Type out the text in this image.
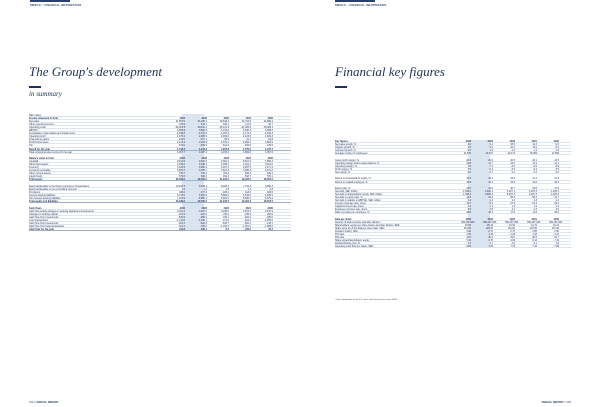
SWECO // FINANCIAL INFORMATION
The Group's development
in summary
SEK million
Income statement in brief	2024	2023	2022	2021	2020
Net sales	31,867.5	31,245.2	28,634.4	24,794.8	21,689.4
Other operating income	125.9	143.2	106.1	117.8	96.7
Operating costs	-28,003.5	-28,011.3	-25,101.9	-21,682.5	-18,683.2
EBITDA	3,989.9	3,666.6	3,734.0	3,330.1	3,056.6
Amortisation, depreciation and impairments	-1,498.8	-1,372.8	-1,261.5	-1,173.4	-1,109.3
Operating profit	2,475.4	2,285.9	2,469.6	2,123.8	1,929.3
Financial net gains	-234.0	-271.1	-90.5	-41.4	-64.8
Profit before taxes	2,241.4	2,014.8	2,379.1	2,082.4	1,864.5
Tax	-523.0	-539.9	-541.3	-506.8	-436.8
Result for the year	1,718.4	1,474.9	1,837.8	1,575.6	1,427.7
Total comprehensive income for the year	1,967.7	1,487.1	2,233.4	1,884.8	1,067.6
Balance sheet in brief	2024	2023	2022	2021	2020
Goodwill	9,813.9	9,464.6	9,391.1	8,521.9	7,856.3
Other fixed assets	4,459.2	4,238.1	4,495.2	4,041.3	3,921.0
Inventory	3,540.9	3,290.9	3,187.1	2,667.5	2,271.4
Accounts receivable	3,864.7	3,785.7	3,627.4	3,050.4	2,671.6
Other current assets	780.7	722.5	781.4	694.4	629.1
Liquid funds	879.6	648.2	462.3	518.7	705.1
Total assets	23,339.0	22,150.0	21,944.5	19,494.2	18,054.5
Equity attributable to the Parent company's shareholders	10,406.9	9,418.1	8,926.4	7,754.4	6,850.3
Equity attributable to non-controlling interests	1.2	1.4	1.5	1.1	0.8
Provisions	468.0	477.8	425.2	413.6	393.5
Interest-bearing liabilities	5,278.0	5,302.6	5,669.4	4,816.0	4,930.5
Non-interest-bearing liabilities	7,184.9	6,950.1	6,922.0	6,508.1	5,879.4
Total equity and liabilities	23,339.0	22,150.0	21,944.5	19,494.2	18,054.5
Cash flows	2024	2023	2022	2021	2020
Cash flow before changes in working capital and investments	3,351.3	3,037.6	3,345.0	2,873.3	2,547.9
Changes in working capital	-201.3	-224.8	-706.2	-235.4	296.6
Cash flow from investments	-530.9	-280.0	-706.1	-664.4	-365.0
Loan transactions	-1,014.8	-1,195.1	-271.0	-624.4	-1,255.0
Cash flow from investments	-861.1	-814.3	-815.7	-592.4	-148.1
Cash flow from financial activities	-904.1	-765.8	-1,012.3	-1,001.6	-1,086.6
Cash flow for the year	231.6	184.1	-5.0	-155.6	26.4
SWECO // FINANCIAL INFORMATION
Financial key figures
Key figures	2024	2023	2022	2021	2020
Net sales growth, %	2.0	9.1	15.5	14.3	-0.6
Organic growth, %	3.9	5.6	10.3	11.0	-0.9
Acquired growth, %	0.6	1.6	1.6	1.3	1.8
Average number of employees	21,676	21,647	20,173	18,069	17,809
Gross profit margin, %	20.3	20.0	20.5	20.1	21.5
Operating margin before depreciations, %	12.5	11.7	13.0	13.4	14.1
Operating margin, %	7.8	7.3	8.6	8.6	8.9
Profit margin, %	7.0	6.4	8.3	8.4	8.6
Net margin, %	5.4	4.7	6.4	6.4	6.6
Return on shareholders' equity, %	16.9	16.1	22.0	21.2	21.6
Return on capital employed, %	15.8	15.1	16.8	16.0	15.4
Equity ratio, %	44.6	42.5	40.7	39.8	37.9
Net debt, SEK million	4,398.4	4,654.4	5,207.1	4,297.3	4,225.4
Net debt to shareholders' equity, SEK million	4,398.4	4,654.4	5,207.1	4,297.3	4,225.4
Net debt to equity ratio, %	42.3	49.4	58.3	55.4	61.7
Net debt in relation to EBITDA, SEK million	1.1	1.3	1.4	1.3	1.4
Interest coverage ratio, times	10.7	8.4	27.9	51.3	29.3
Capital turnover rate, times	1.4	1.4	1.4	1.3	1.2
Employee turnover rate, times	3.6	3.8	4.1	4.3	4.5
Ratio net sales per employee, %	18.8	18.4	17.5	17.8	18.4
Data per share	2024	2023	2022	2021	2020
Number of shares before and after dilution¹	359,487,966	359,487,966	359,487,966	359,487,966	359,487,966
Shareholders' equity per share before and after dilution, SEK¹	29.63	26.43	24.93	21.74	19.14
Share price as of the balance sheet date, SEK¹	151.20	125.80	101.90	133.56	137.60
Dividend (cash), SEK¹	3.10	2.70	2.70	2.85	2.50
P/S ratio	1.70	1.45	1.28	1.94	2.31
P/E ratio	31.5	30.6	19.9	30.5	34.7
Share price/shareholders' equity	5.11	4.76	4.09	6.14	7.19
Dividend/share price, %	2.1	2.1	2.6	2.1	1.8
Operating cash flow per share, SEK¹	8.82	7.83	7.33	7.33	7.89
¹ Data attributable to the 5:1 share split carried out in June 2025.
104 // ANNUAL REPORT	ANNUAL REPORT // 105
